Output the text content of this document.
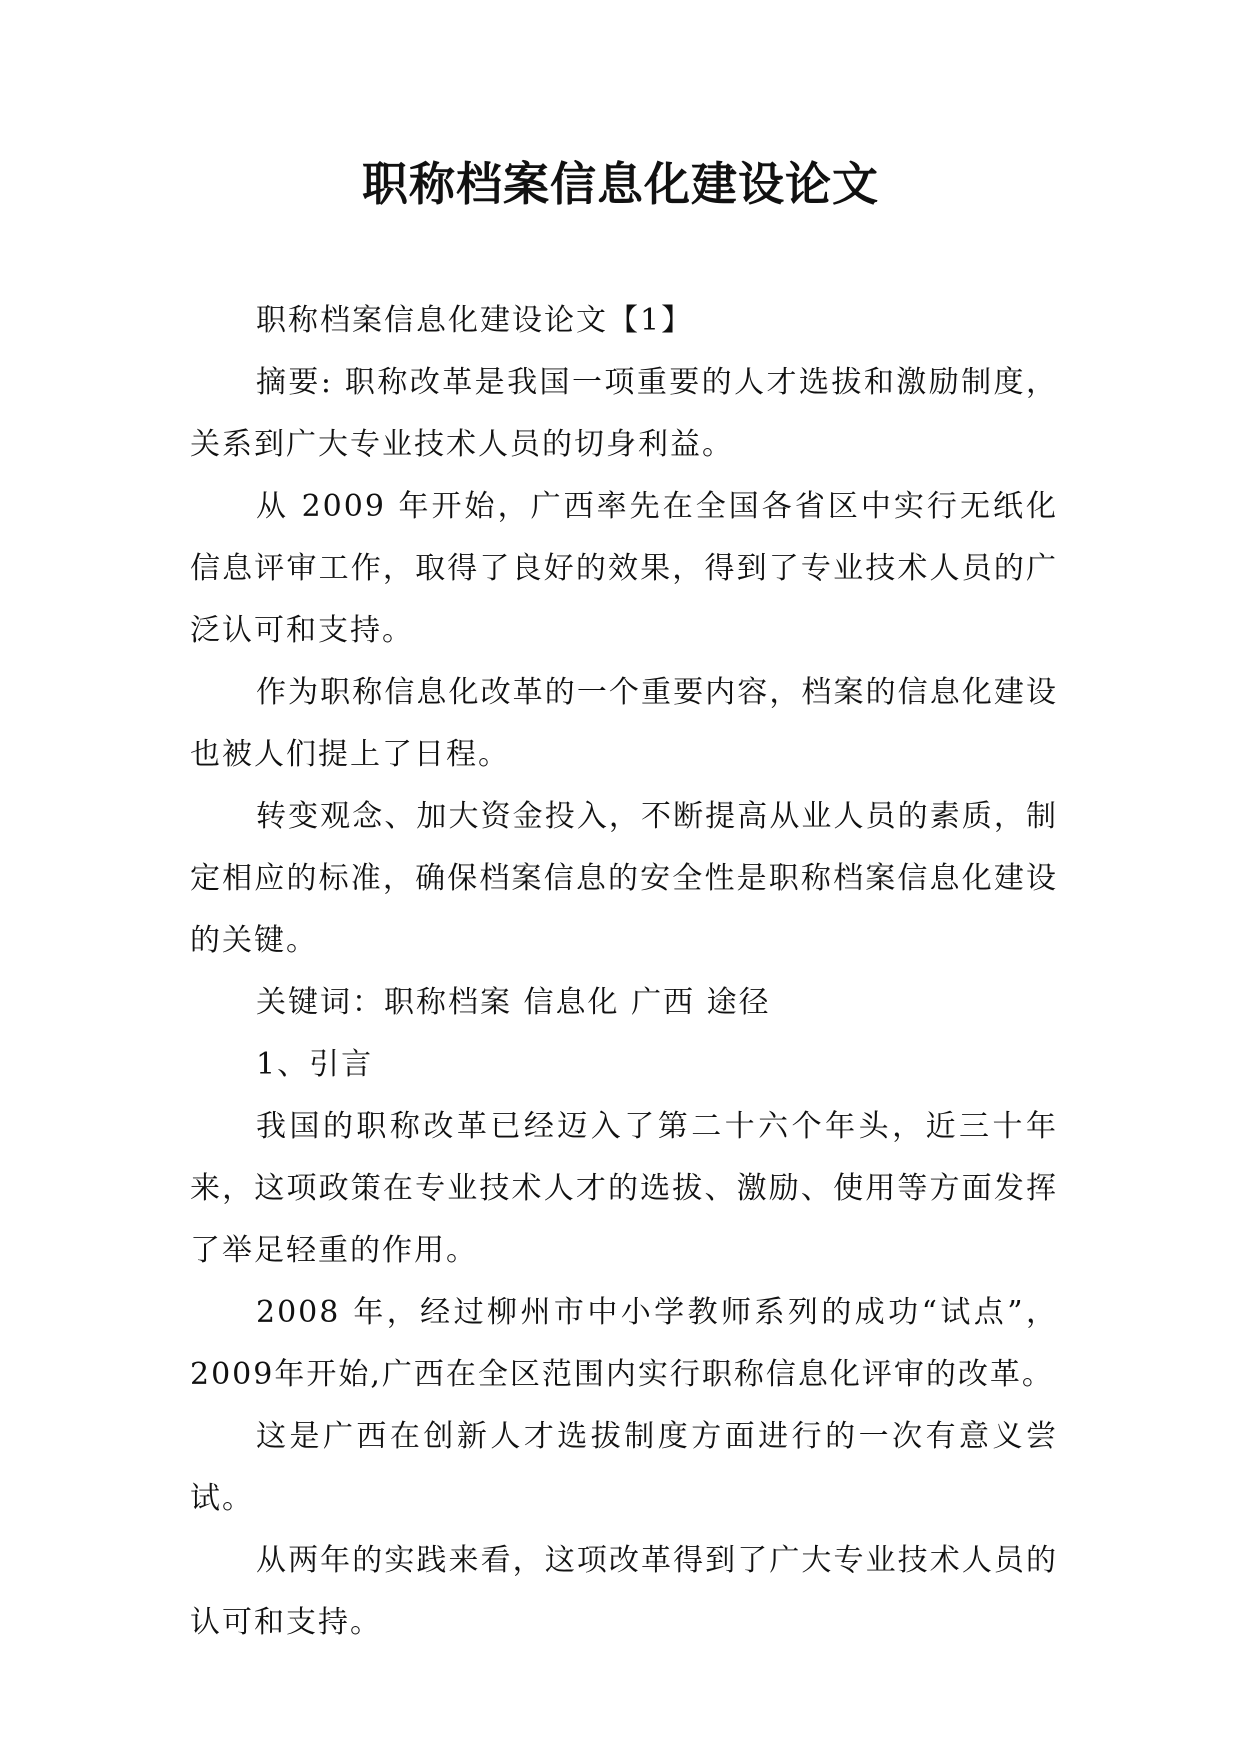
职称档案信息化建设论文

职称档案信息化建设论文【1】

摘要: 职称改革是我国一项重要的人才选拔和激励制度，关系到广大专业技术人员的切身利益。

从 2009 年开始，广西率先在全国各省区中实行无纸化信息评审工作，取得了良好的效果，得到了专业技术人员的广泛认可和支持。

作为职称信息化改革的一个重要内容，档案的信息化建设也被人们提上了日程。

转变观念、加大资金投入，不断提高从业人员的素质，制定相应的标准，确保档案信息的安全性是职称档案信息化建设的关键。

关键词：职称档案 信息化 广西 途径

1、引言

我国的职称改革已经迈入了第二十六个年头，近三十年来，这项政策在专业技术人才的选拔、激励、使用等方面发挥了举足轻重的作用。

2008 年，经过柳州市中小学教师系列的成功“试点”，2009年开始,广西在全区范围内实行职称信息化评审的改革。

这是广西在创新人才选拔制度方面进行的一次有意义尝试。

从两年的实践来看，这项改革得到了广大专业技术人员的认可和支持。
